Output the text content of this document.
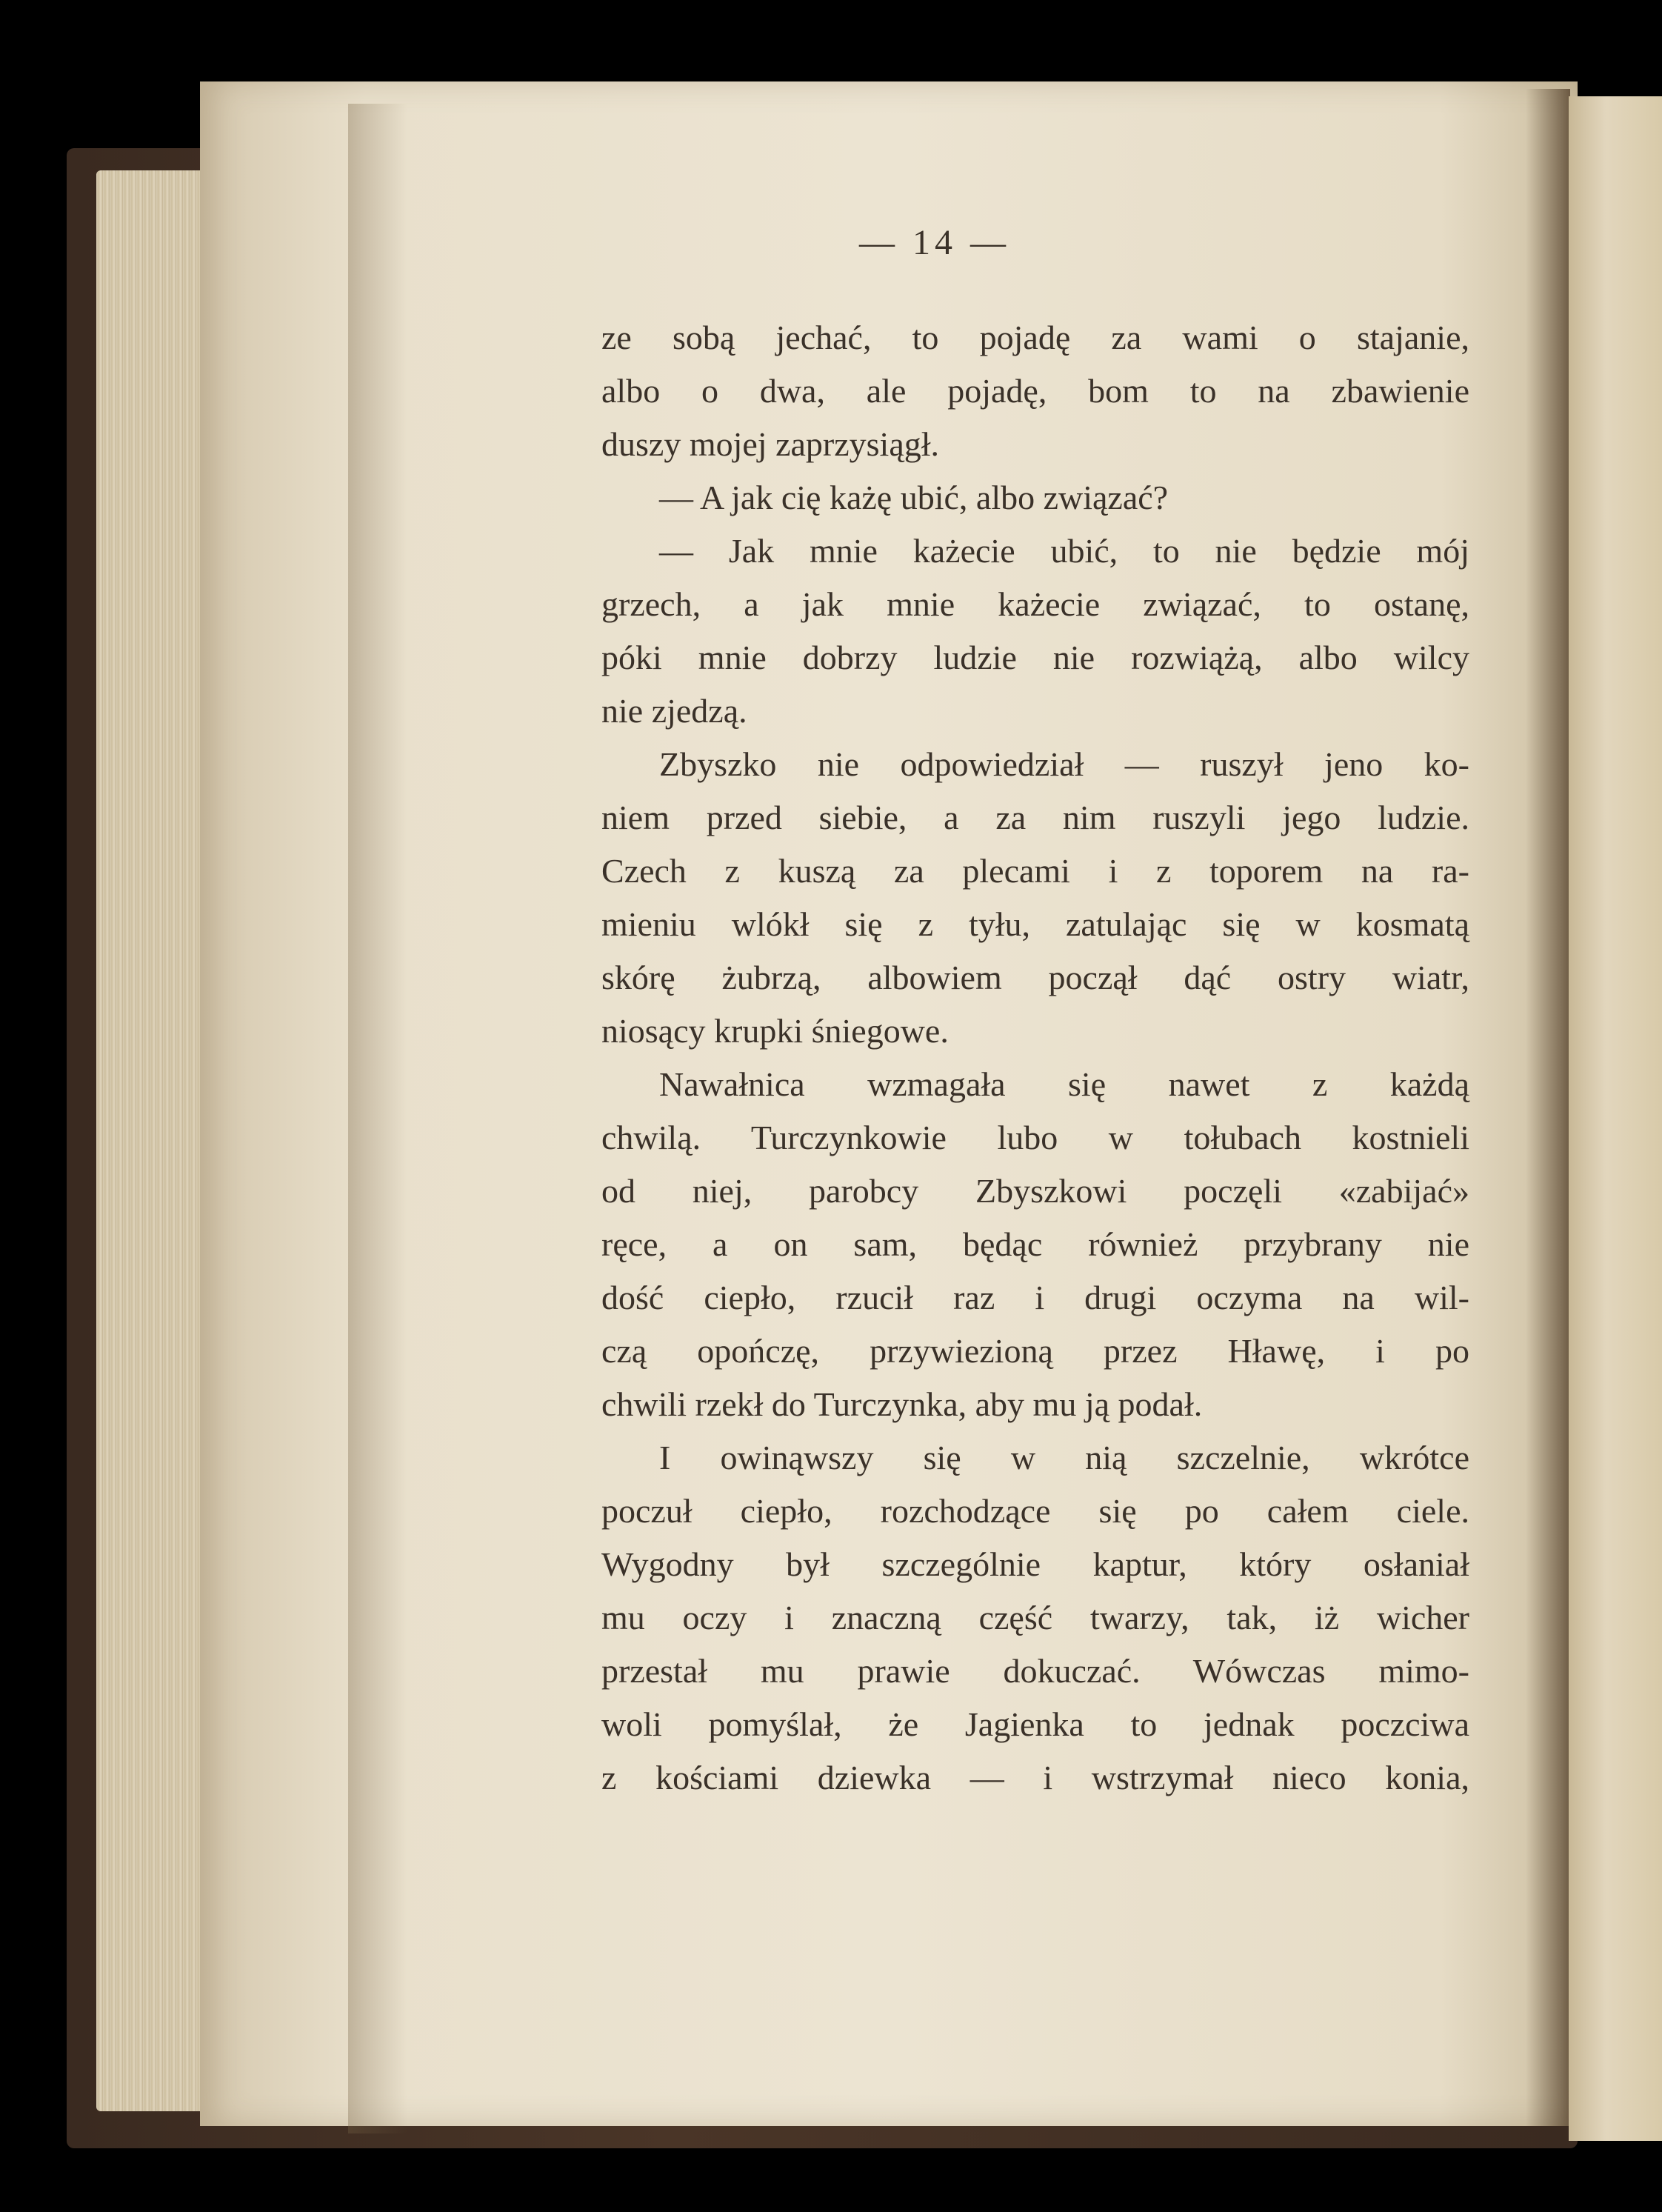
— 14 —
ze sobą jechać, to pojadę za wami o stajanie,
albo o dwa, ale pojadę, bom to na zbawienie
duszy mojej zaprzysiągł.
— A jak cię każę ubić, albo związać?
— Jak mnie każecie ubić, to nie będzie mój
grzech, a jak mnie każecie związać, to ostanę,
póki mnie dobrzy ludzie nie rozwiążą, albo wilcy
nie zjedzą.
Zbyszko nie odpowiedział — ruszył jeno ko-
niem przed siebie, a za nim ruszyli jego ludzie.
Czech z kuszą za plecami i z toporem na ra-
mieniu wlókł się z tyłu, zatulając się w kosmatą
skórę żubrzą, albowiem począł dąć ostry wiatr,
niosący krupki śniegowe.
Nawałnica wzmagała się nawet z każdą
chwilą. Turczynkowie lubo w tołubach kostnieli
od niej, parobcy Zbyszkowi poczęli «zabijać»
ręce, a on sam, będąc również przybrany nie
dość ciepło, rzucił raz i drugi oczyma na wil-
czą opończę, przywiezioną przez Hławę, i po
chwili rzekł do Turczynka, aby mu ją podał.
I owinąwszy się w nią szczelnie, wkrótce
poczuł ciepło, rozchodzące się po całem ciele.
Wygodny był szczególnie kaptur, który osłaniał
mu oczy i znaczną część twarzy, tak, iż wicher
przestał mu prawie dokuczać. Wówczas mimo-
woli pomyślał, że Jagienka to jednak poczciwa
z kościami dziewka — i wstrzymał nieco konia,
